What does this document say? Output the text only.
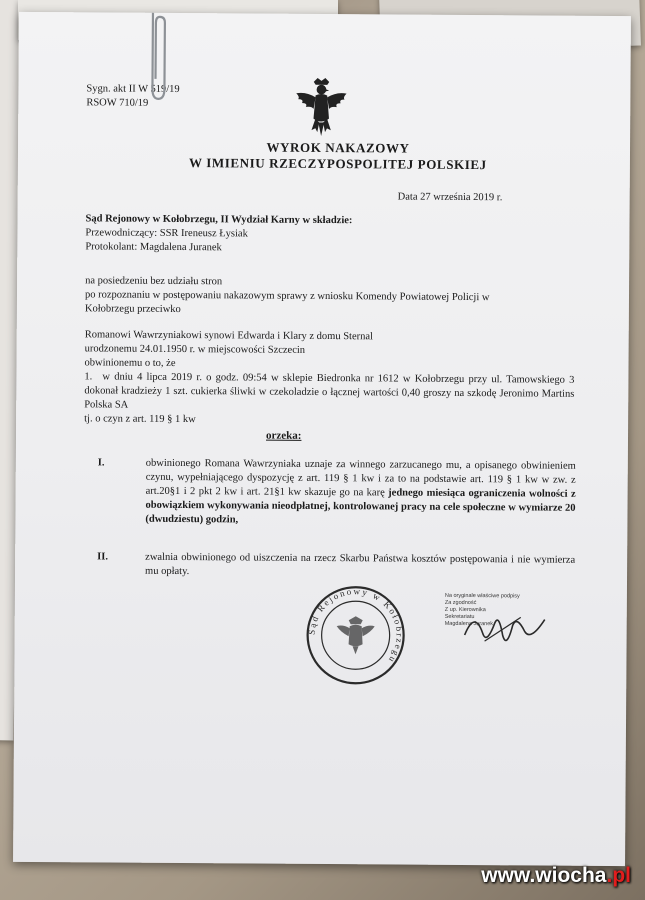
Sygn. akt II W 519/19
RSOW 710/19
WYROK NAKAZOWY
W IMIENIU RZECZYPOSPOLITEJ POLSKIEJ
Data 27 września 2019 r.
Sąd Rejonowy w Kołobrzegu, II Wydział Karny w składzie:
Przewodniczący: SSR Ireneusz Łysiak
Protokolant: Magdalena Juranek
na posiedzeniu bez udziału stron
po rozpoznaniu w postępowaniu nakazowym sprawy z wniosku Komendy Powiatowej Policji w
Kołobrzegu przeciwko
Romanowi Wawrzyniakowi synowi Edwarda i Klary z domu Sternal
urodzonemu 24.01.1950 r. w miejscowości Szczecin
obwinionemu o to, że
1. w dniu 4 lipca 2019 r. o godz. 09:54 w sklepie Biedronka nr 1612 w Kołobrzegu przy ul. Tamowskiego 3 dokonał kradzieży 1 szt. cukierka śliwki w czekoladzie o łącznej wartości 0,40 groszy na szkodę Jeronimo Martins Polska SA
tj. o czyn z art. 119 § 1 kw
orzeka:
I.	obwinionego Romana Wawrzyniaka uznaje za winnego zarzucanego mu, a opisanego obwinieniem czynu, wypełniającego dyspozycję z art. 119 § 1 kw i za to na podstawie art. 119 § 1 kw w zw. z art.20§1 i 2 pkt 2 kw i art. 21§1 kw skazuje go na karę jednego miesiąca ograniczenia wolności z obowiązkiem wykonywania nieodpłatnej, kontrolowanej pracy na cele społeczne w wymiarze 20 (dwudziestu) godzin,
II.	zwalnia obwinionego od uiszczenia na rzecz Skarbu Państwa kosztów postępowania i nie wymierza mu opłaty.
Sąd Rejonowy w Kołobrzegu
Na oryginale właściwe podpisy
Za zgodność
Z up. Kierownika
Sekretariatu
Magdalena Juranek
www.wiocha.pl
